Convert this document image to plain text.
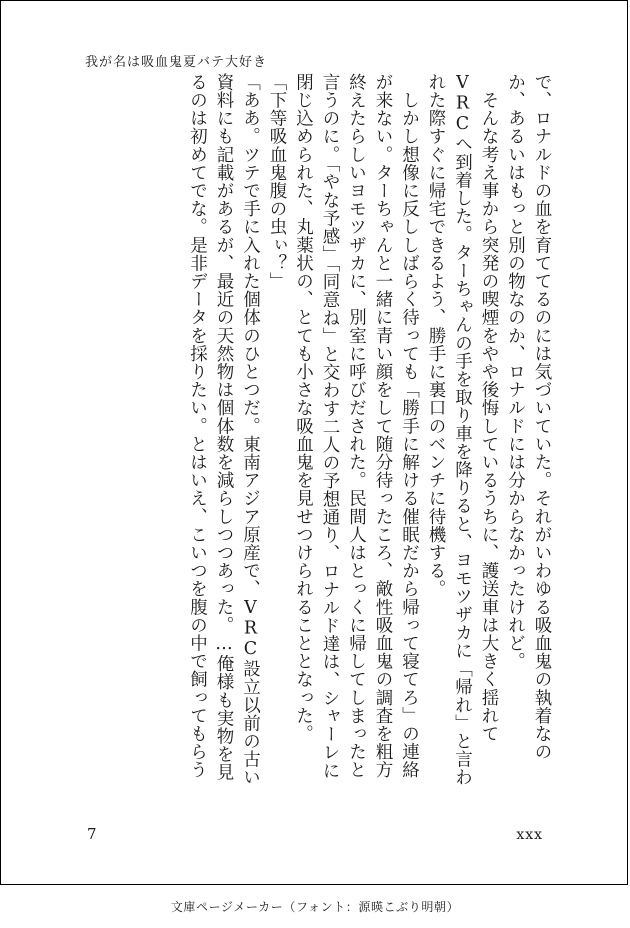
我が名は吸血鬼夏バテ大好き

で、ロナルドの血を育ててるのには気づいていた。それがいわゆる吸血鬼の執着なのか、あるいはもっと別の物なのか、ロナルドには分からなかったけれど。

　そんな考え事から突発の喫煙をやや後悔しているうちに、護送車は大きく揺れてVRCへ到着した。ターちゃんの手を取り車を降りると、ヨモツザカに「帰れ」と言われた際すぐに帰宅できるよう、勝手に裏口のベンチに待機する。

　しかし想像に反ししばらく待っても「勝手に解ける催眠だから帰って寝てろ」の連絡が来ない。ターちゃんと一緒に青い顔をして随分待ったころ、敵性吸血鬼の調査を粗方終えたらしいヨモツザカに、別室に呼びだされた。民間人はとっくに帰してしまったと言うのに。「やな予感」「同意ね」と交わす二人の予想通り、ロナルド達は、シャーレに閉じ込められた、丸薬状の、とても小さな吸血鬼を見せつけられることとなった。

「下等吸血鬼腹の虫ぃ？」

「ああ。ツテで手に入れた個体のひとつだ。東南アジア原産で、VRC設立以前の古い資料にも記載があるが、最近の天然物は個体数を減らしつつあった。…俺様も実物を見るのは初めてでな。是非データを採りたい。とはいえ、こいつを腹の中で飼ってもらう

7	xxx
文庫ページメーカー（フォント：源暎こぶり明朝）
